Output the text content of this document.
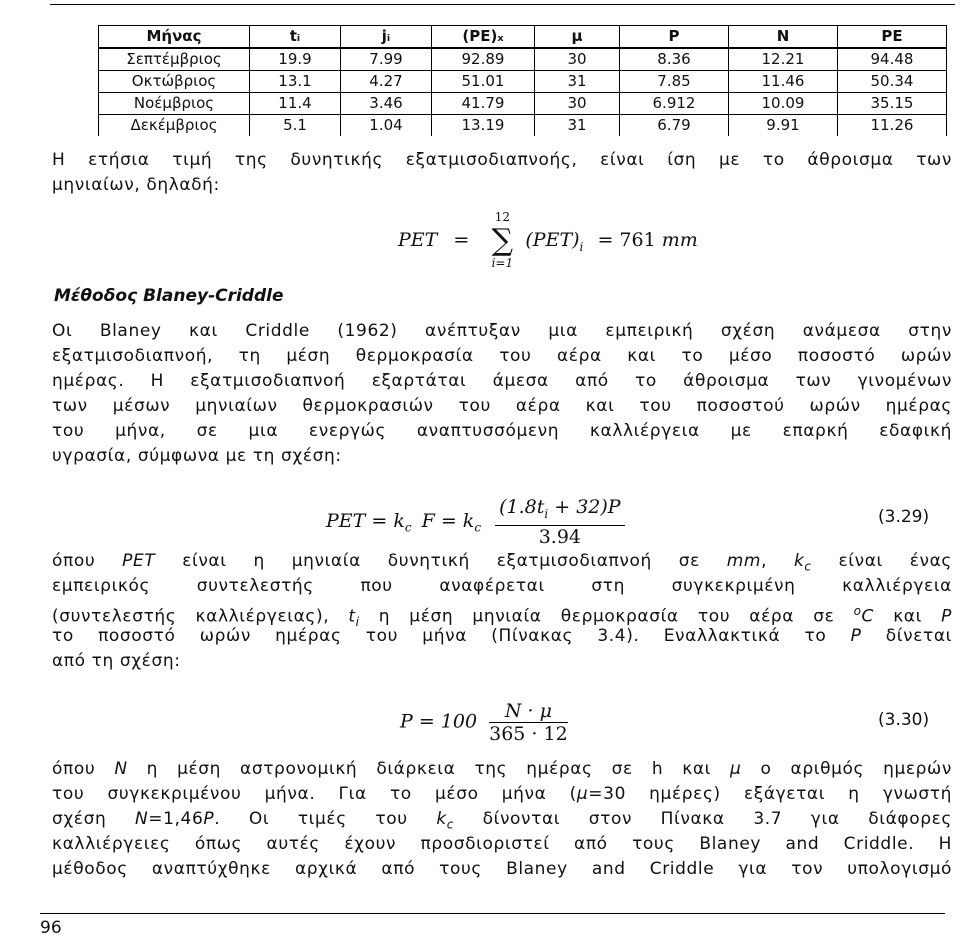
Μήνας	tᵢ	jᵢ	(PE)ₓ	μ	P	N	PE
Σεπτέμβριος	19.9	7.99	92.89	30	8.36	12.21	94.48
Οκτώβριος	13.1	4.27	51.01	31	7.85	11.46	50.34
Νοέμβριος	11.4	3.46	41.79	30	6.912	10.09	35.15
Δεκέμβριος	5.1	1.04	13.19	31	6.79	9.91	11.26
Η ετήσια τιμή της δυνητικής εξατμισοδιαπνοής, είναι ίση με το άθροισμα των
μηνιαίων, δηλαδή:
PET =
12
∑
i=1
$(PET)_i = 761$ mm
Μέθοδος Blaney-Criddle
Οι Blaney και Criddle (1962) ανέπτυξαν μια εμπειρική σχέση ανάμεσα στην
εξατμισοδιαπνοή, τη μέση θερμοκρασία του αέρα και το μέσο ποσοστό ωρών
ημέρας. Η εξατμισοδιαπνοή εξαρτάται άμεσα από το άθροισμα των γινομένων
των μέσων μηνιαίων θερμοκρασιών του αέρα και του ποσοστού ωρών ημέρας
του μήνα, σε μια ενεργώς αναπτυσσόμενη καλλιέργεια με επαρκή εδαφική
υγρασία, σύμφωνα με τη σχέση:
PET = $k_c$ $F = k_c \frac{(1.8t_i + 32)P}{3.94}$	(3.29)
όπου PET είναι η μηνιαία δυνητική εξατμισοδιαπνοή σε mm, $k_c$ είναι ένας
εμπειρικός συντελεστής που αναφέρεται στη συγκεκριμένη καλλιέργεια
(συντελεστής καλλιέργειας), $t_i$ η μέση μηνιαία θερμοκρασία του αέρα σε $^o$C και P
το ποσοστό ωρών ημέρας του μήνα (Πίνακας 3.4). Εναλλακτικά το P δίνεται
από τη σχέση:
$P = 100 \frac{N \cdot \mu}{365 \cdot 12}$	(3.30)
όπου N η μέση αστρονομική διάρκεια της ημέρας σε h και μ ο αριθμός ημερών
του συγκεκριμένου μήνα. Για το μέσο μήνα (μ=30 ημέρες) εξάγεται η γνωστή
σχέση N=1,46P. Οι τιμές του $k_c$ δίνονται στον Πίνακα 3.7 για διάφορες
καλλιέργειες όπως αυτές έχουν προσδιοριστεί από τους Blaney and Criddle. Η
μέθοδος αναπτύχθηκε αρχικά από τους Blaney and Criddle για τον υπολογισμό
96
